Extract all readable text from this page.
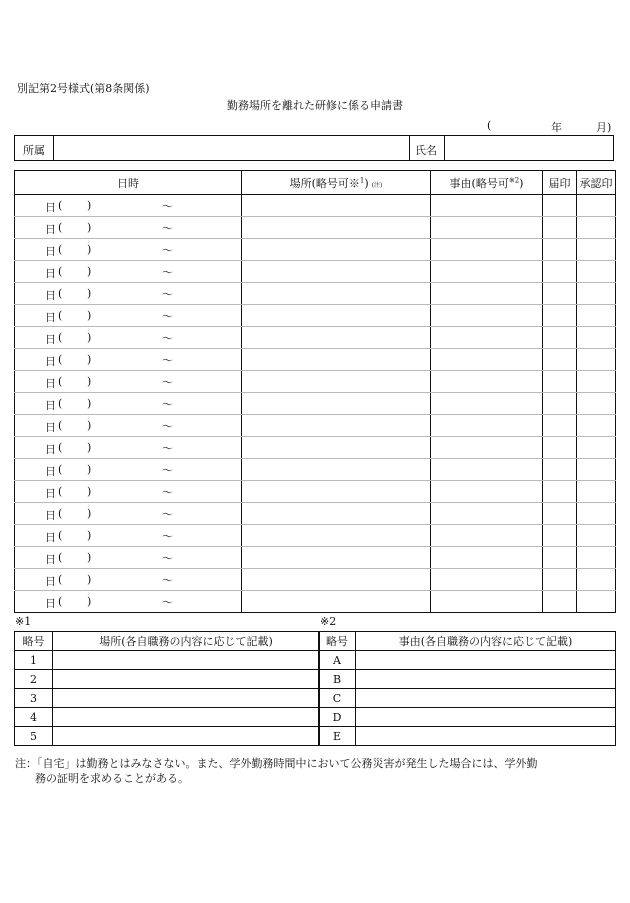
別記第2号様式(第8条関係)
勤務場所を離れた研修に係る申請書
(	年	月)
所属	氏名
日時	場所(略号可※$^1$) (注)	事由(略号可$^{※2}$)	届印	承認印

日 ( ) 〜				

日 ( ) 〜				

日 ( ) 〜				

日 ( ) 〜				

日 ( ) 〜				

日 ( ) 〜				

日 ( ) 〜				

日 ( ) 〜				

日 ( ) 〜				

日 ( ) 〜				

日 ( ) 〜				

日 ( ) 〜				

日 ( ) 〜				

日 ( ) 〜				

日 ( ) 〜				

日 ( ) 〜				

日 ( ) 〜				

日 ( ) 〜				

日 ( ) 〜				

※1	※2
略号	場所(各自職務の内容に応じて記載)
1	
2	
3	
4	
5	
略号	事由(各自職務の内容に応じて記載)
A	
B	
C	
D	
E	
注：「自宅」は勤務とはみなさない。また、学外勤務時間中において公務災害が発生した場合には、学外勤
務の証明を求めることがある。
